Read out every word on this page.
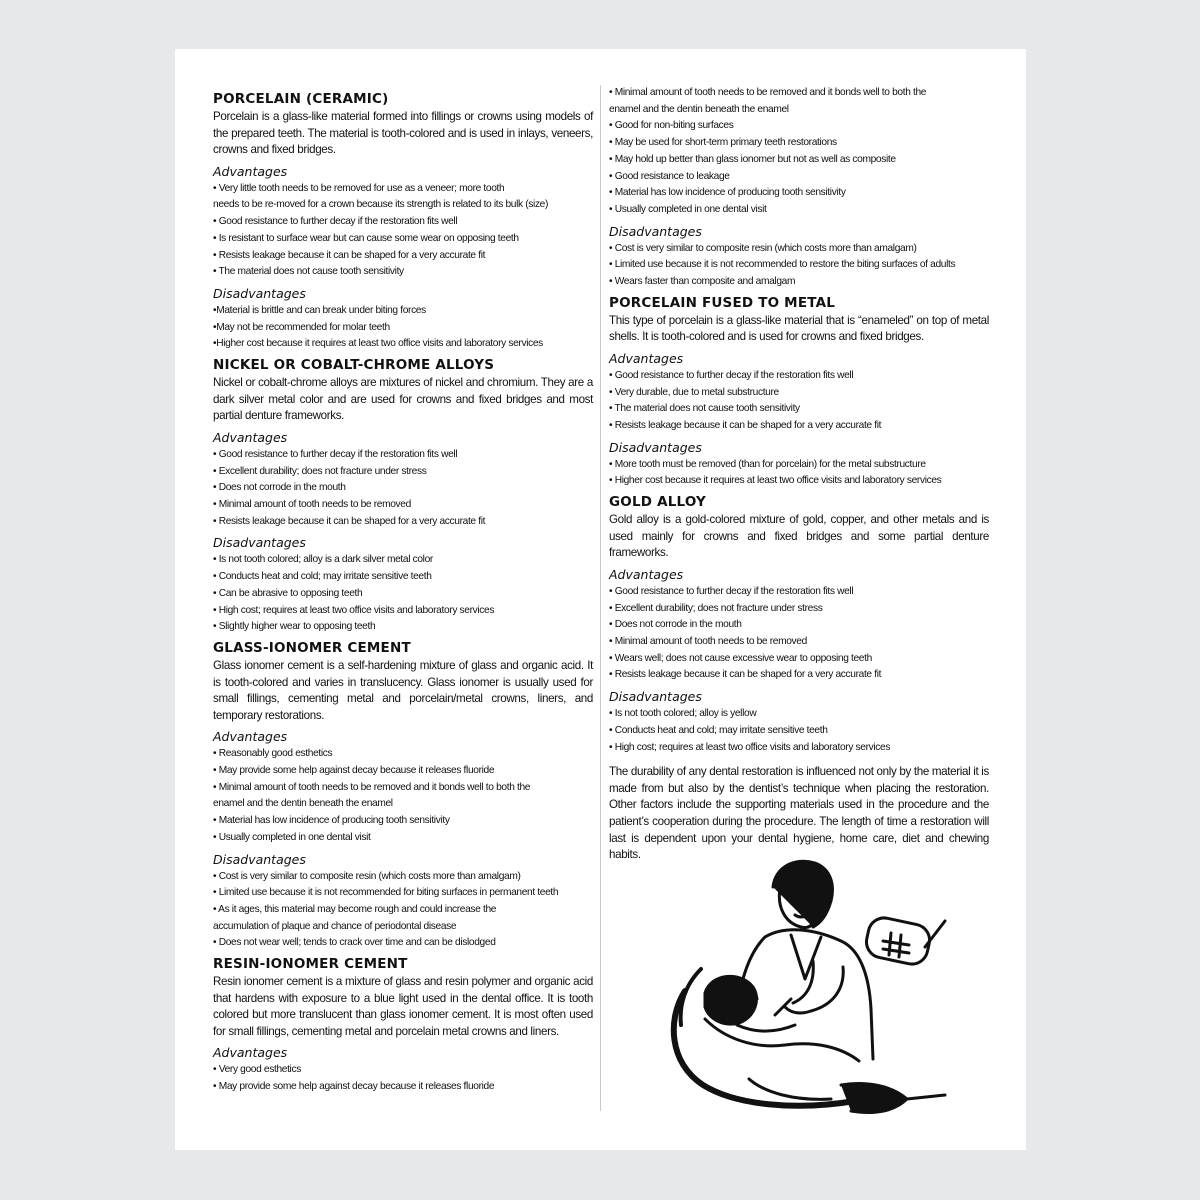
PORCELAIN (CERAMIC)

Porcelain is a glass-like material formed into fillings or crowns using models of the prepared teeth. The material is tooth-colored and is used in inlays, veneers, crowns and fixed bridges.

Advantages
• Very little tooth needs to be removed for use as a veneer; more tooth
needs to be re-moved for a crown because its strength is related to its bulk (size)
• Good resistance to further decay if the restoration fits well
• Is resistant to surface wear but can cause some wear on opposing teeth
• Resists leakage because it can be shaped for a very accurate fit
• The material does not cause tooth sensitivity
Disadvantages
•Material is brittle and can break under biting forces
•May not be recommended for molar teeth
•Higher cost because it requires at least two office visits and laboratory services
NICKEL OR COBALT-CHROME ALLOYS

Nickel or cobalt-chrome alloys are mixtures of nickel and chromium. They are a dark silver metal color and are used for crowns and fixed bridges and most partial denture frameworks.

Advantages
• Good resistance to further decay if the restoration fits well
• Excellent durability; does not fracture under stress
• Does not corrode in the mouth
• Minimal amount of tooth needs to be removed
• Resists leakage because it can be shaped for a very accurate fit
Disadvantages
• Is not tooth colored; alloy is a dark silver metal color
• Conducts heat and cold; may irritate sensitive teeth
• Can be abrasive to opposing teeth
• High cost; requires at least two office visits and laboratory services
• Slightly higher wear to opposing teeth
GLASS-IONOMER CEMENT

Glass ionomer cement is a self-hardening mixture of glass and organic acid. It is tooth-colored and varies in translucency. Glass ionomer is usually used for small fillings, cementing metal and porcelain/metal crowns, liners, and temporary restorations.

Advantages
• Reasonably good esthetics
• May provide some help against decay because it releases fluoride
• Minimal amount of tooth needs to be removed and it bonds well to both the
enamel and the dentin beneath the enamel
• Material has low incidence of producing tooth sensitivity
• Usually completed in one dental visit
Disadvantages
• Cost is very similar to composite resin (which costs more than amalgam)
• Limited use because it is not recommended for biting surfaces in permanent teeth
• As it ages, this material may become rough and could increase the
accumulation of plaque and chance of periodontal disease
• Does not wear well; tends to crack over time and can be dislodged
RESIN-IONOMER CEMENT

Resin ionomer cement is a mixture of glass and resin polymer and organic acid that hardens with exposure to a blue light used in the dental office. It is tooth colored but more translucent than glass ionomer cement. It is most often used for small fillings, cementing metal and porcelain metal crowns and liners.

Advantages
• Very good esthetics
• May provide some help against decay because it releases fluoride
• Minimal amount of tooth needs to be removed and it bonds well to both the
enamel and the dentin beneath the enamel
• Good for non-biting surfaces
• May be used for short-term primary teeth restorations
• May hold up better than glass ionomer but not as well as composite
• Good resistance to leakage
• Material has low incidence of producing tooth sensitivity
• Usually completed in one dental visit
Disadvantages
• Cost is very similar to composite resin (which costs more than amalgam)
• Limited use because it is not recommended to restore the biting surfaces of adults
• Wears faster than composite and amalgam
PORCELAIN FUSED TO METAL

This type of porcelain is a glass-like material that is “enameled” on top of metal shells. It is tooth-colored and is used for crowns and fixed bridges.

Advantages
• Good resistance to further decay if the restoration fits well
• Very durable, due to metal substructure
• The material does not cause tooth sensitivity
• Resists leakage because it can be shaped for a very accurate fit
Disadvantages
• More tooth must be removed (than for porcelain) for the metal substructure
• Higher cost because it requires at least two office visits and laboratory services
GOLD ALLOY

Gold alloy is a gold-colored mixture of gold, copper, and other metals and is used mainly for crowns and fixed bridges and some partial denture frameworks.

Advantages
• Good resistance to further decay if the restoration fits well
• Excellent durability; does not fracture under stress
• Does not corrode in the mouth
• Minimal amount of tooth needs to be removed
• Wears well; does not cause excessive wear to opposing teeth
• Resists leakage because it can be shaped for a very accurate fit
Disadvantages
• Is not tooth colored; alloy is yellow
• Conducts heat and cold; may irritate sensitive teeth
• High cost; requires at least two office visits and laboratory services

The durability of any dental restoration is influenced not only by the material it is made from but also by the dentist’s technique when placing the restoration. Other factors include the supporting materials used in the procedure and the patient’s cooperation during the procedure. The length of time a restoration will last is dependent upon your dental hygiene, home care, diet and chewing habits.
